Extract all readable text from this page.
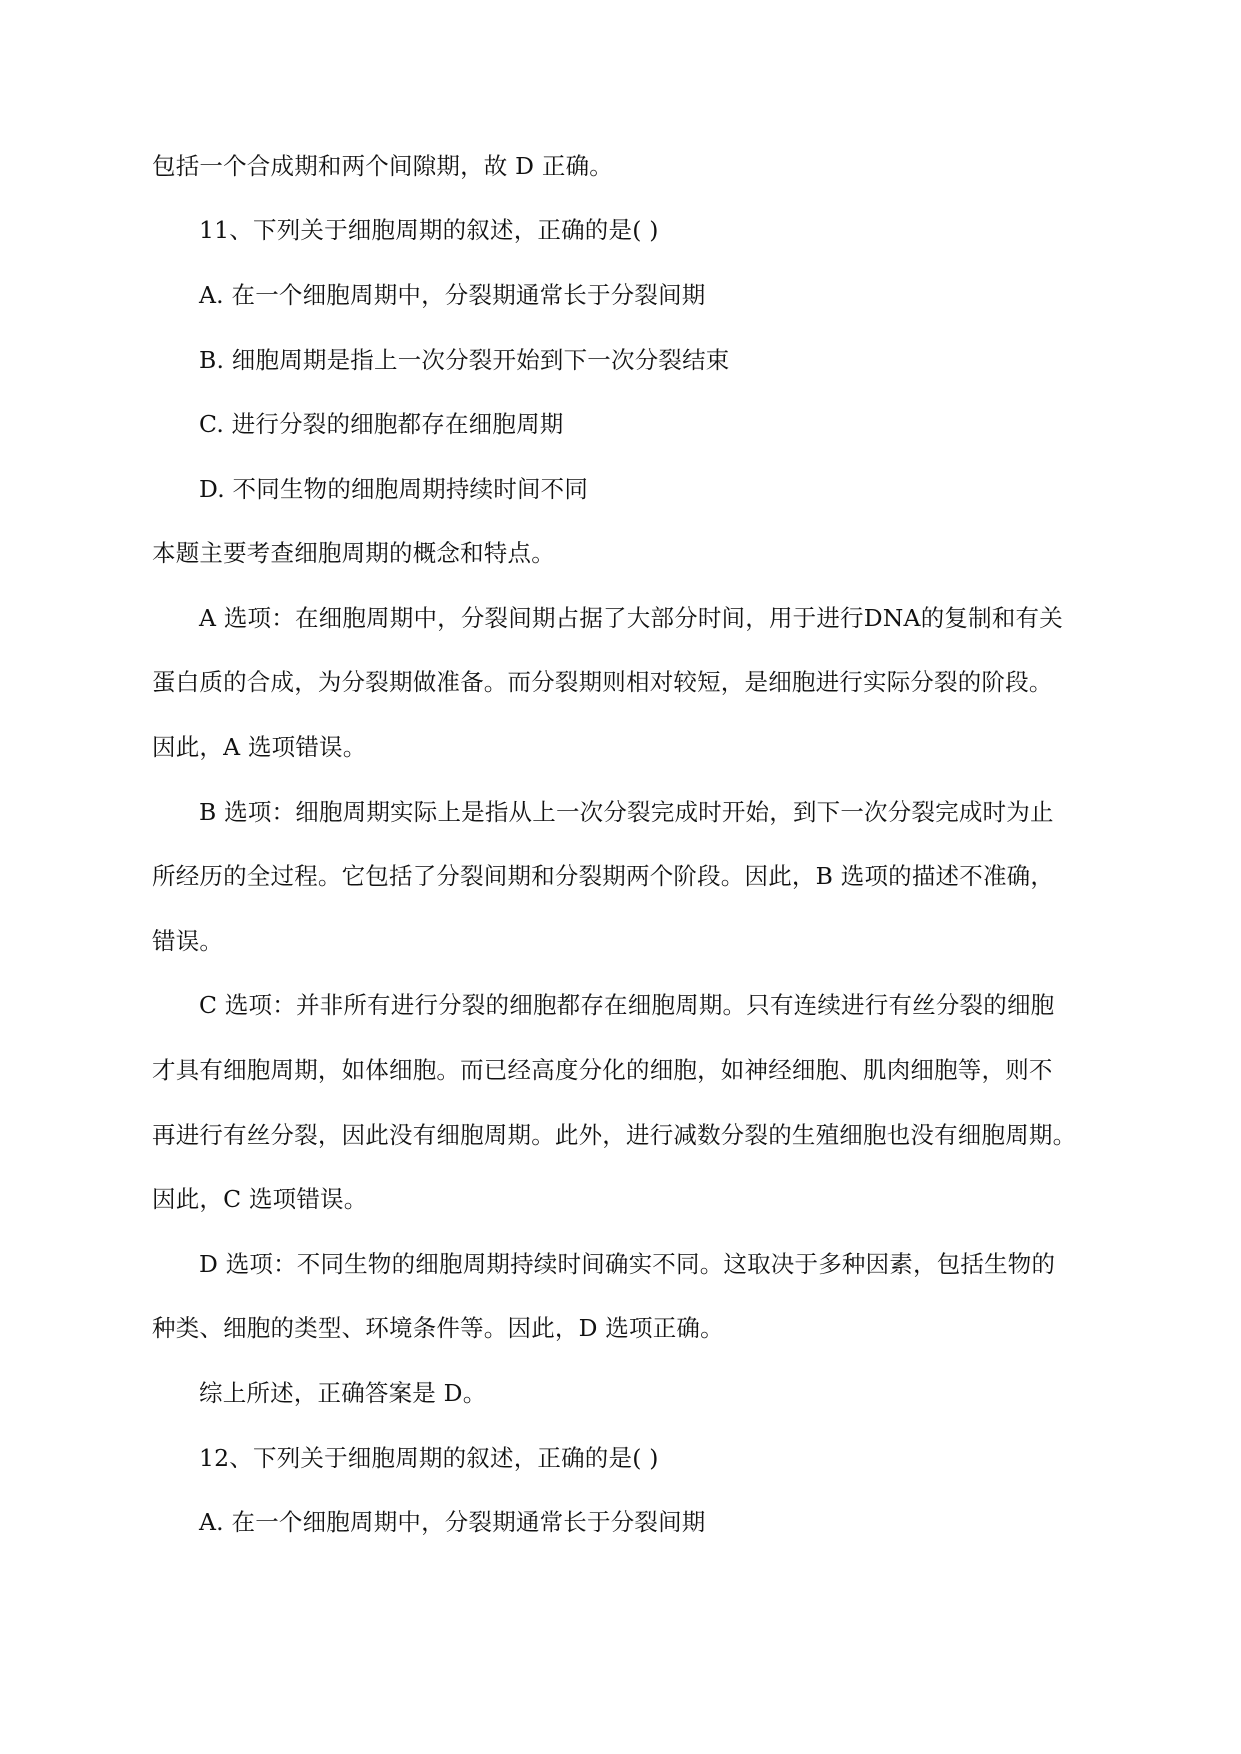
包括一个合成期和两个间隙期，故 D 正确。

11、下列关于细胞周期的叙述，正确的是( )

A. 在一个细胞周期中，分裂期通常长于分裂间期

B. 细胞周期是指上一次分裂开始到下一次分裂结束

C. 进行分裂的细胞都存在细胞周期

D. 不同生物的细胞周期持续时间不同

本题主要考查细胞周期的概念和特点。

A 选项：在细胞周期中，分裂间期占据了大部分时间，用于进行DNA的复制和有关

蛋白质的合成，为分裂期做准备。而分裂期则相对较短，是细胞进行实际分裂的阶段。

因此，A 选项错误。

B 选项：细胞周期实际上是指从上一次分裂完成时开始，到下一次分裂完成时为止

所经历的全过程。它包括了分裂间期和分裂期两个阶段。因此，B 选项的描述不准确，

错误。

C 选项：并非所有进行分裂的细胞都存在细胞周期。只有连续进行有丝分裂的细胞

才具有细胞周期，如体细胞。而已经高度分化的细胞，如神经细胞、肌肉细胞等，则不

再进行有丝分裂，因此没有细胞周期。此外，进行减数分裂的生殖细胞也没有细胞周期。

因此，C 选项错误。

D 选项：不同生物的细胞周期持续时间确实不同。这取决于多种因素，包括生物的

种类、细胞的类型、环境条件等。因此，D 选项正确。

综上所述，正确答案是 D。

12、下列关于细胞周期的叙述，正确的是( )

A. 在一个细胞周期中，分裂期通常长于分裂间期
